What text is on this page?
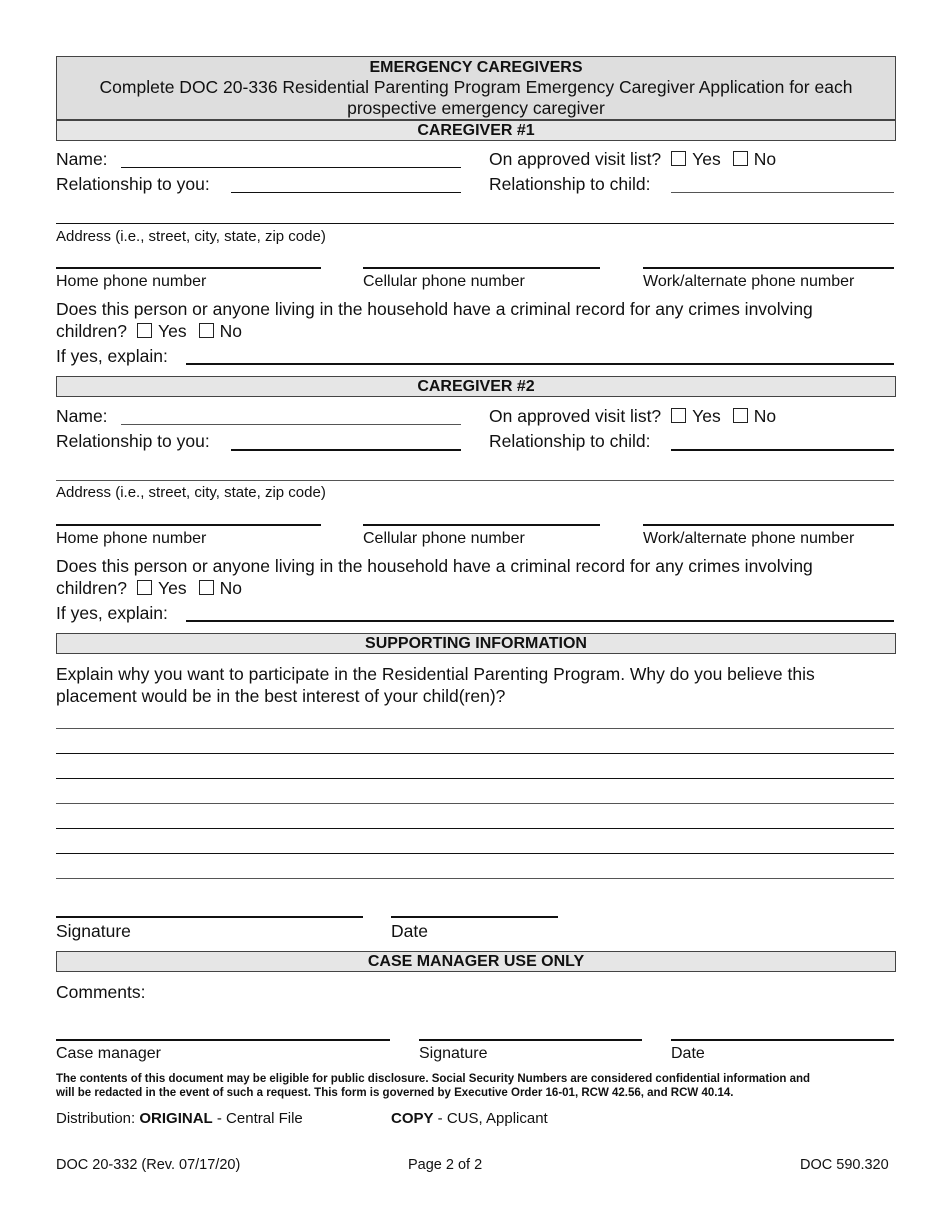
EMERGENCY CAREGIVERS
Complete DOC 20-336 Residential Parenting Program Emergency Caregiver Application for each
prospective emergency caregiver
CAREGIVER #1
Name:	On approved visit list? Yes No
Relationship to you:	Relationship to child:
Address (i.e., street, city, state, zip code)
Home phone number	Cellular phone number	Work/alternate phone number
Does this person or anyone living in the household have a criminal record for any crimes involving
children? Yes No
If yes, explain:
CAREGIVER #2
Name:	On approved visit list? Yes No
Relationship to you:	Relationship to child:
Address (i.e., street, city, state, zip code)
Home phone number	Cellular phone number	Work/alternate phone number
Does this person or anyone living in the household have a criminal record for any crimes involving
children? Yes No
If yes, explain:
SUPPORTING INFORMATION
Explain why you want to participate in the Residential Parenting Program. Why do you believe this
placement would be in the best interest of your child(ren)?
Signature	Date
CASE MANAGER USE ONLY
Comments:
Case manager	Signature	Date
The contents of this document may be eligible for public disclosure. Social Security Numbers are considered confidential information and
will be redacted in the event of such a request. This form is governed by Executive Order 16-01, RCW 42.56, and RCW 40.14.
Distribution: ORIGINAL - Central File	COPY - CUS, Applicant
DOC 20-332 (Rev. 07/17/20)	Page 2 of 2	DOC 590.320
